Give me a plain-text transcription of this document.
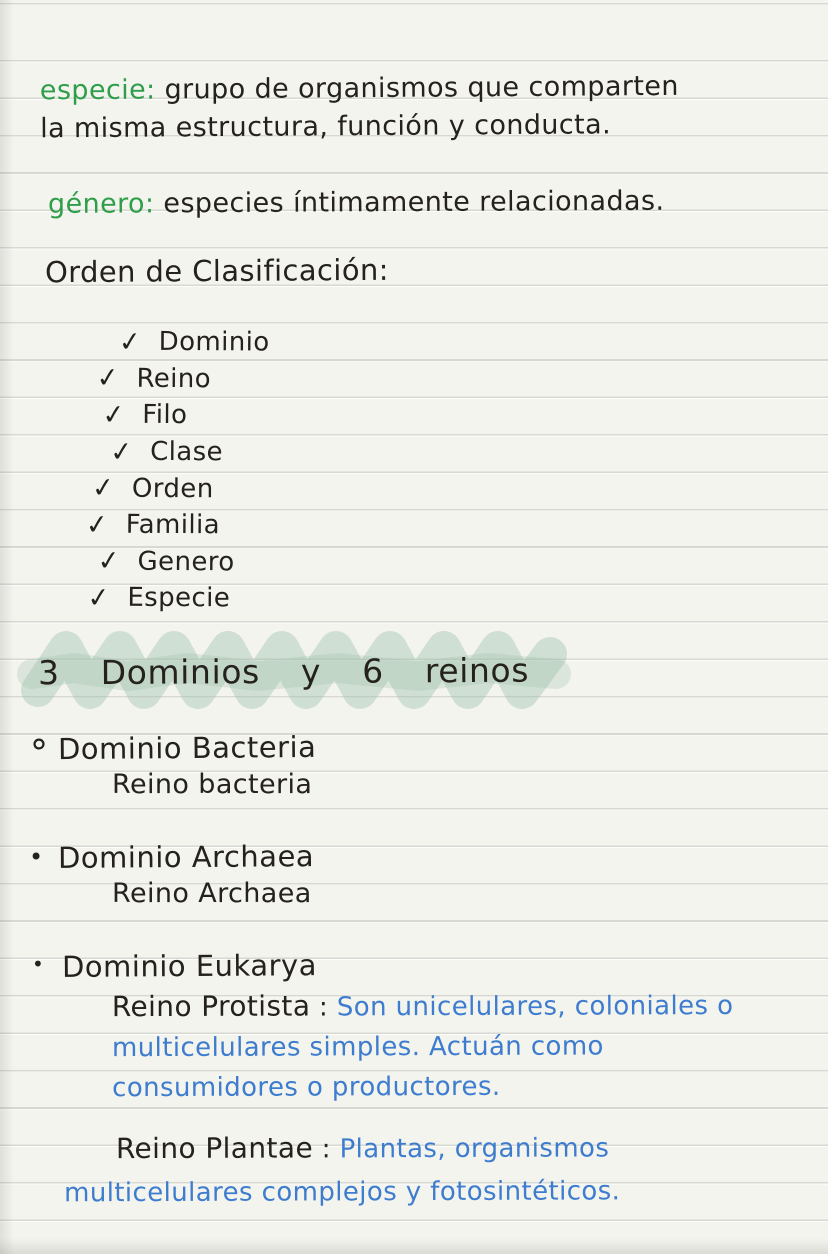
especie: grupo de organismos que comparten la misma estructura, función y conducta.
género: especies íntimamente relacionadas.
Orden de Clasificación:
✓ Dominio
✓ Reino
✓ Filo
✓ Clase
✓ Orden
✓ Familia
✓ Genero
✓ Especie
3 Dominios y 6 reinos
° Dominio Bacteria
Reino bacteria
• Dominio Archaea
Reino Archaea
• Dominio Eukarya
Reino Protista : Son unicelulares, coloniales o multicelulares simples. Actuán como consumidores o productores.
Reino Plantae : Plantas, organismos multicelulares complejos y fotosintéticos.
